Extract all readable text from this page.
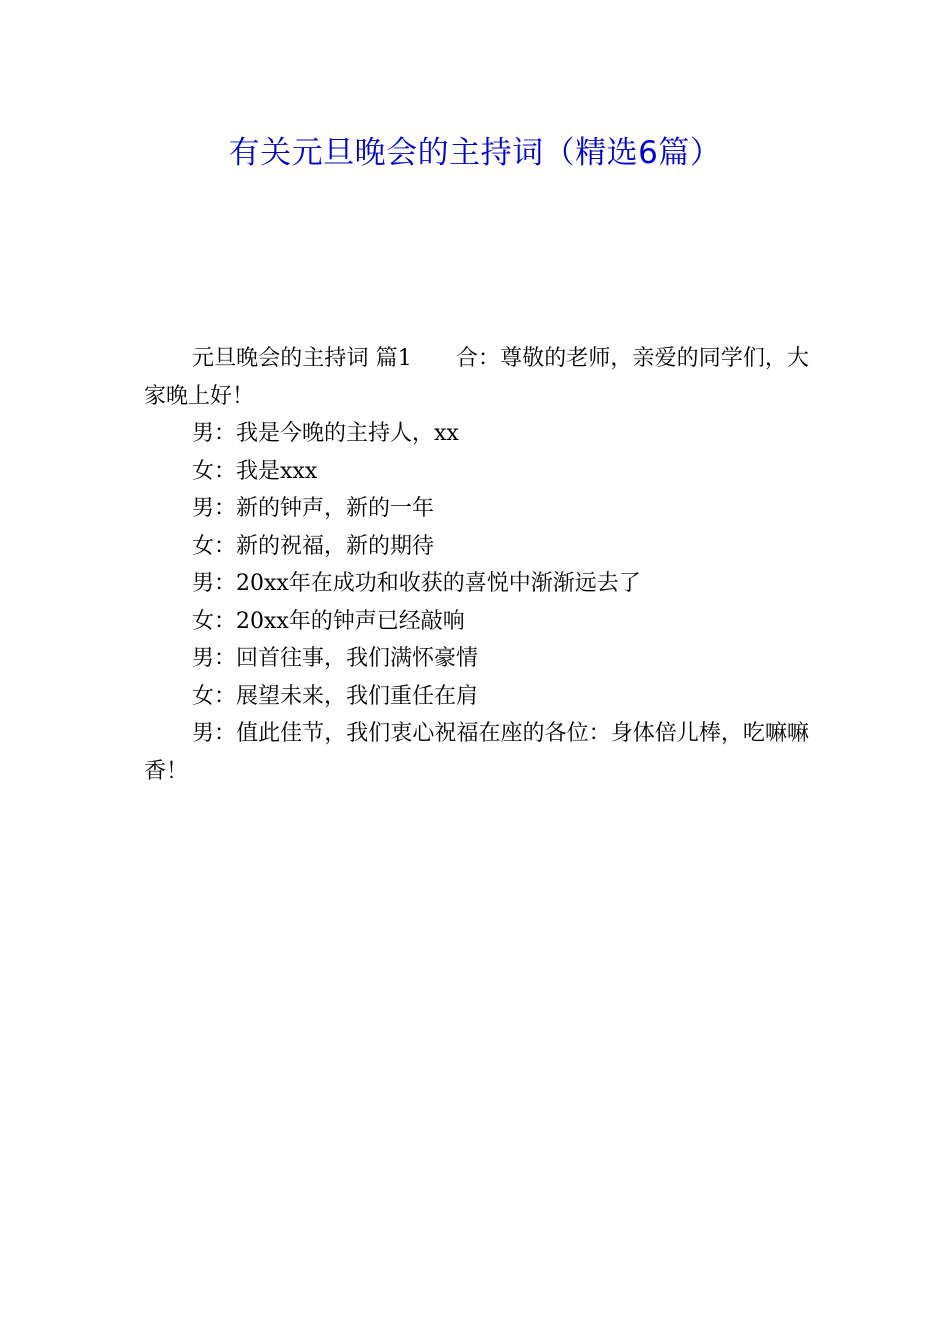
有关元旦晚会的主持词（精选6篇）

元旦晚会的主持词 篇1　　合：尊敬的老师，亲爱的同学们，大家晚上好！

男：我是今晚的主持人，xx

女：我是xxx

男：新的钟声，新的一年

女：新的祝福，新的期待

男：20xx年在成功和收获的喜悦中渐渐远去了

女：20xx年的钟声已经敲响

男：回首往事，我们满怀豪情

女：展望未来，我们重任在肩

男：值此佳节，我们衷心祝福在座的各位：身体倍儿棒，吃嘛嘛香！
